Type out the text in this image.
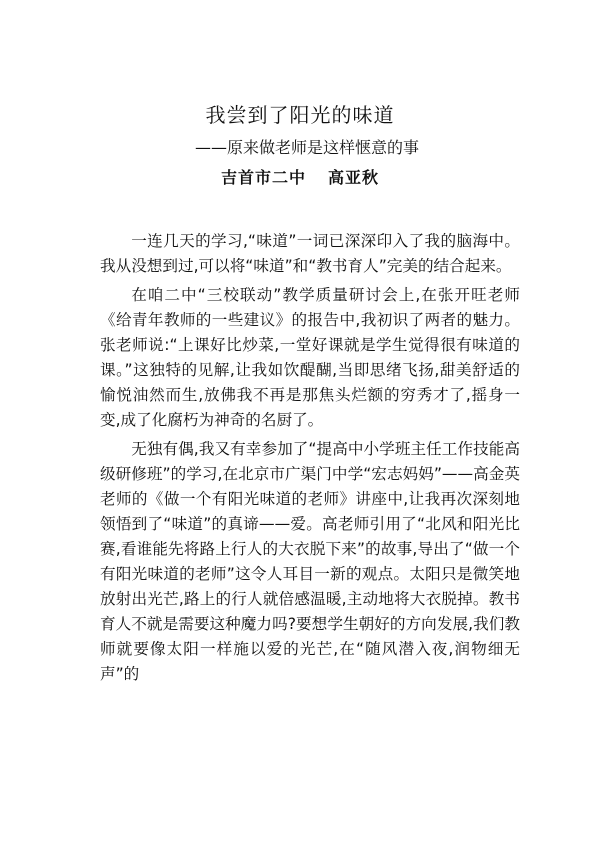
我尝到了阳光的味道
——原来做老师是这样惬意的事
吉首市二中 高亚秋

一连几天的学习,“味道”一词已深深印入了我的脑海中。我从没想到过,可以将“味道”和“教书育人”完美的结合起来。

在咱二中“三校联动”教学质量研讨会上,在张开旺老师《给青年教师的一些建议》的报告中,我初识了两者的魅力。张老师说:“上课好比炒菜,一堂好课就是学生觉得很有味道的课。”这独特的见解,让我如饮醍醐,当即思绪飞扬,甜美舒适的愉悦油然而生,放佛我不再是那焦头烂额的穷秀才了,摇身一变,成了化腐朽为神奇的名厨了。

无独有偶,我又有幸参加了“提高中小学班主任工作技能高级研修班”的学习,在北京市广渠门中学“宏志妈妈”——高金英老师的《做一个有阳光味道的老师》讲座中,让我再次深刻地领悟到了“味道”的真谛——爱。高老师引用了“北风和阳光比赛,看谁能先将路上行人的大衣脱下来”的故事,导出了“做一个有阳光味道的老师”这令人耳目一新的观点。太阳只是微笑地放射出光芒,路上的行人就倍感温暖,主动地将大衣脱掉。教书育人不就是需要这种魔力吗?要想学生朝好的方向发展,我们教师就要像太阳一样施以爱的光芒,在“随风潜入夜,润物细无声”的
